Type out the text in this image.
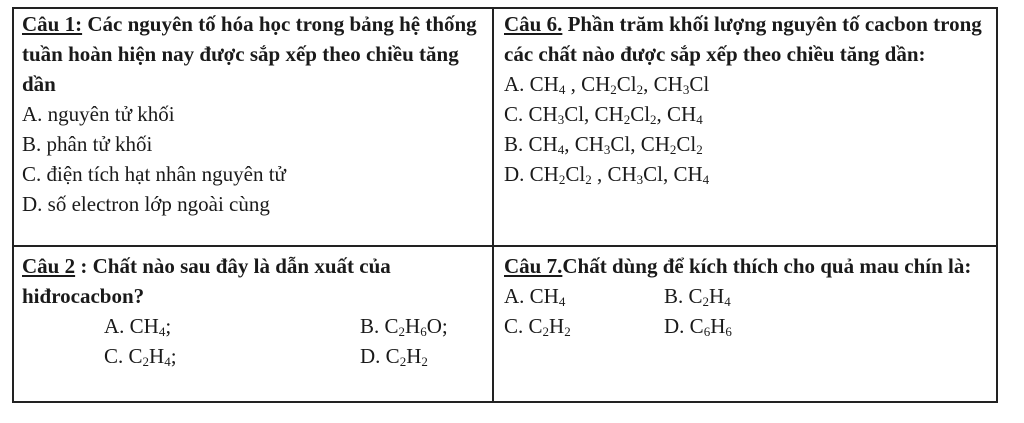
Câu 1: Các nguyên tố hóa học trong bảng hệ thống tuần hoàn hiện nay được sắp xếp theo chiều tăng dần
A. nguyên tử khối
B. phân tử khối
C. điện tích hạt nhân nguyên tử
D. số electron lớp ngoài cùng
Câu 6. Phần trăm khối lượng nguyên tố cacbon trong các chất nào được sắp xếp theo chiều tăng dần:
A. $CH_4$ , $CH_2Cl_2$, $CH_3Cl$
C. $CH_3Cl$, $CH_2Cl_2$, $CH_4$
B. $CH_4$, $CH_3Cl$, $CH_2Cl_2$
D. $CH_2Cl_2$ , $CH_3Cl$, $CH_4$
Câu 2 : Chất nào sau đây là dẫn xuất của hiđrocacbon?
A. $CH_4$;	B. $C_2H_6O$;
C. $C_2H_4$;	D. $C_2H_2$
Câu 7.Chất dùng để kích thích cho quả mau chín là:
A. $CH_4$	B. $C_2H_4$
C. $C_2H_2$	D. $C_6H_6$
